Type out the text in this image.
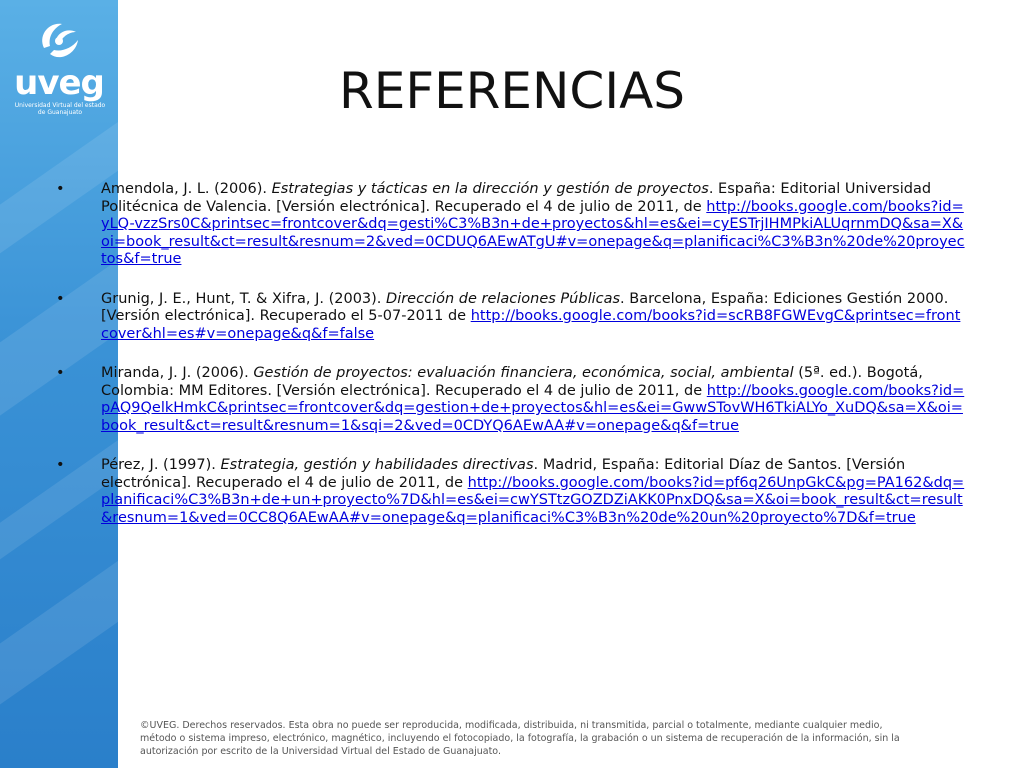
uveg
Universidad Virtual del estado de Guanajuato	REFERENCIAS
•	Amendola, J. L. (2006). Estrategias y tácticas en la dirección y gestión de proyectos. España: Editorial Universidad Politécnica de Valencia. [Versión electrónica]. Recuperado el 4 de julio de 2011, de http://books.google.com/books?id=yLQ-vzzSrs0C&printsec=frontcover&dq=gesti%C3%B3n+de+proyectos&hl=es&ei=cyESTrjIHMPkiALUqrnmDQ&sa=X&oi=book_result&ct=result&resnum=2&ved=0CDUQ6AEwATgU#v=onepage&q=planificaci%C3%B3n%20de%20proyectos&f=true
•	Grunig, J. E., Hunt, T. & Xifra, J. (2003). Dirección de relaciones Públicas. Barcelona, España: Ediciones Gestión 2000. [Versión electrónica]. Recuperado el 5-07-2011 de http://books.google.com/books?id=scRB8FGWEvgC&printsec=frontcover&hl=es#v=onepage&q&f=false
•	Miranda, J. J. (2006). Gestión de proyectos: evaluación financiera, económica, social, ambiental (5ª. ed.). Bogotá, Colombia: MM Editores. [Versión electrónica]. Recuperado el 4 de julio de 2011, de http://books.google.com/books?id=pAQ9QelkHmkC&printsec=frontcover&dq=gestion+de+proyectos&hl=es&ei=GwwSTovWH6TkiALYo_XuDQ&sa=X&oi=book_result&ct=result&resnum=1&sqi=2&ved=0CDYQ6AEwAA#v=onepage&q&f=true
•	Pérez, J. (1997). Estrategia, gestión y habilidades directivas. Madrid, España: Editorial Díaz de Santos. [Versión electrónica]. Recuperado el 4 de julio de 2011, de http://books.google.com/books?id=pf6q26UnpGkC&pg=PA162&dq=planificaci%C3%B3n+de+un+proyecto%7D&hl=es&ei=cwYSTtzGOZDZiAKK0PnxDQ&sa=X&oi=book_result&ct=result&resnum=1&ved=0CC8Q6AEwAA#v=onepage&q=planificaci%C3%B3n%20de%20un%20proyecto%7D&f=true
©UVEG. Derechos reservados. Esta obra no puede ser reproducida, modificada, distribuida, ni transmitida, parcial o totalmente, mediante cualquier medio, método o sistema impreso, electrónico, magnético, incluyendo el fotocopiado, la fotografía, la grabación o un sistema de recuperación de la información, sin la autorización por escrito de la Universidad Virtual del Estado de Guanajuato.
